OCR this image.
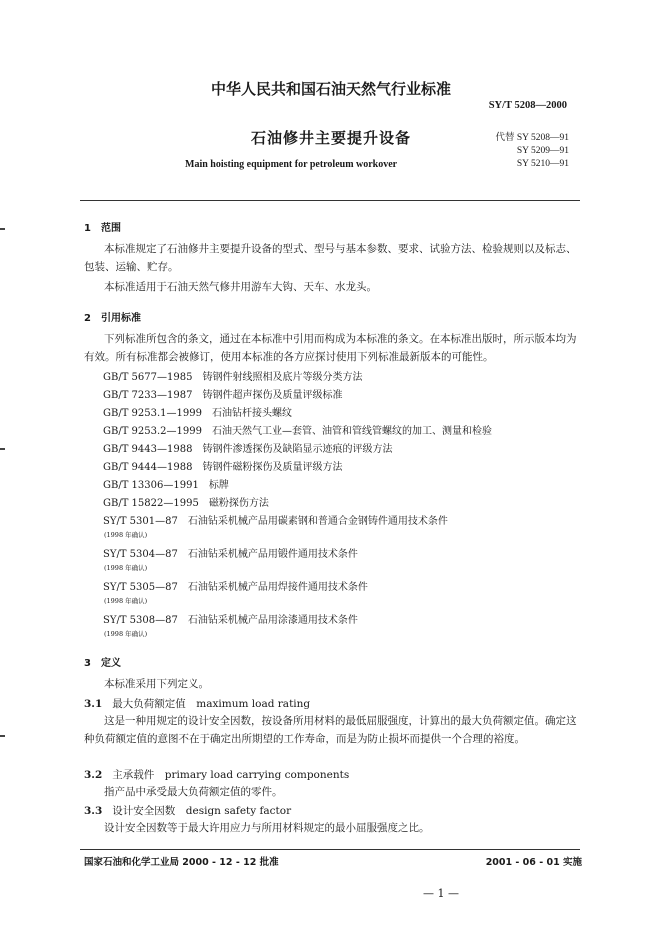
中华人民共和国石油天然气行业标准
SY/T 5208—2000
石油修井主要提升设备
Main hoisting equipment for petroleum workover
代替 SY 5208—91
SY 5209—91
SY 5210—91
1　范围
本标准规定了石油修井主要提升设备的型式、型号与基本参数、要求、试验方法、检验规则以及标志、包装、运输、贮存。
本标准适用于石油天然气修井用游车大钩、天车、水龙头。
2　引用标准
下列标准所包含的条文，通过在本标准中引用而构成为本标准的条文。在本标准出版时，所示版本均为有效。所有标准都会被修订，使用本标准的各方应探讨使用下列标准最新版本的可能性。
GB/T 5677—1985　铸钢件射线照相及底片等级分类方法
GB/T 7233—1987　铸钢件超声探伤及质量评级标准
GB/T 9253.1—1999　石油钻杆接头螺纹
GB/T 9253.2—1999　石油天然气工业—套管、油管和管线管螺纹的加工、测量和检验
GB/T 9443—1988　铸钢件渗透探伤及缺陷显示迹痕的评级方法
GB/T 9444—1988　铸钢件磁粉探伤及质量评级方法
GB/T 13306—1991　标牌
GB/T 15822—1995　磁粉探伤方法
SY/T 5301—87　石油钻采机械产品用碳素钢和普通合金钢铸件通用技术条件
(1998 年确认)
SY/T 5304—87　石油钻采机械产品用锻件通用技术条件
(1998 年确认)
SY/T 5305—87　石油钻采机械产品用焊接件通用技术条件
(1998 年确认)
SY/T 5308—87　石油钻采机械产品用涂漆通用技术条件
(1998 年确认)
3　定义
本标准采用下列定义。
3.1 最大负荷额定值　maximum load rating
这是一种用规定的设计安全因数，按设备所用材料的最低屈服强度，计算出的最大负荷额定值。确定这种负荷额定值的意图不在于确定出所期望的工作寿命，而是为防止损坏而提供一个合理的裕度。
3.2 主承载件　primary load carrying components
指产品中承受最大负荷额定值的零件。
3.3 设计安全因数　design safety factor
设计安全因数等于最大许用应力与所用材料规定的最小屈服强度之比。
国家石油和化学工业局 2000 - 12 - 12 批准	2001 - 06 - 01 实施
— 1 —
